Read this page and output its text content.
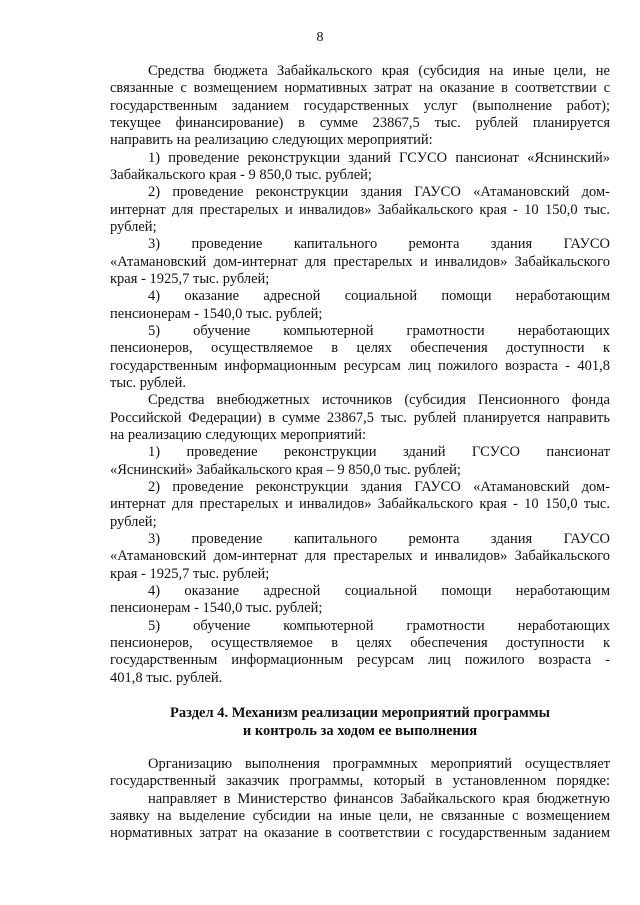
8
Средства бюджета Забайкальского края (субсидия на иные цели, не
связанные с возмещением нормативных затрат на оказание в соответствии с
государственным заданием государственных услуг (выполнение работ);
текущее финансирование) в сумме 23867,5 тыс. рублей планируется
направить на реализацию следующих мероприятий:
1) проведение реконструкции зданий ГСУСО пансионат «Яснинский»
Забайкальского края - 9 850,0 тыс. рублей;
2) проведение реконструкции здания ГАУСО «Атамановский дом-
интернат для престарелых и инвалидов» Забайкальского края - 10 150,0 тыс.
рублей;
3) проведение капитального ремонта здания ГАУСО
«Атамановский дом-интернат для престарелых и инвалидов» Забайкальского
края - 1925,7 тыс. рублей;
4) оказание адресной социальной помощи неработающим
пенсионерам - 1540,0 тыс. рублей;
5) обучение компьютерной грамотности неработающих
пенсионеров, осуществляемое в целях обеспечения доступности к
государственным информационным ресурсам лиц пожилого возраста - 401,8
тыс. рублей.
Средства внебюджетных источников (субсидия Пенсионного фонда
Российской Федерации) в сумме 23867,5 тыс. рублей планируется направить
на реализацию следующих мероприятий:
1) проведение реконструкции зданий ГСУСО пансионат
«Яснинский» Забайкальского края – 9 850,0 тыс. рублей;
2) проведение реконструкции здания ГАУСО «Атамановский дом-
интернат для престарелых и инвалидов» Забайкальского края - 10 150,0 тыс.
рублей;
3) проведение капитального ремонта здания ГАУСО
«Атамановский дом-интернат для престарелых и инвалидов» Забайкальского
края - 1925,7 тыс. рублей;
4) оказание адресной социальной помощи неработающим
пенсионерам - 1540,0 тыс. рублей;
5) обучение компьютерной грамотности неработающих
пенсионеров, осуществляемое в целях обеспечения доступности к
государственным информационным ресурсам лиц пожилого возраста -
401,8 тыс. рублей.
Раздел 4. Механизм реализации мероприятий программы
и контроль за ходом ее выполнения
Организацию выполнения программных мероприятий осуществляет
государственный заказчик программы, который в установленном порядке:
направляет в Министерство финансов Забайкальского края бюджетную
заявку на выделение субсидии на иные цели, не связанные с возмещением
нормативных затрат на оказание в соответствии с государственным заданием
